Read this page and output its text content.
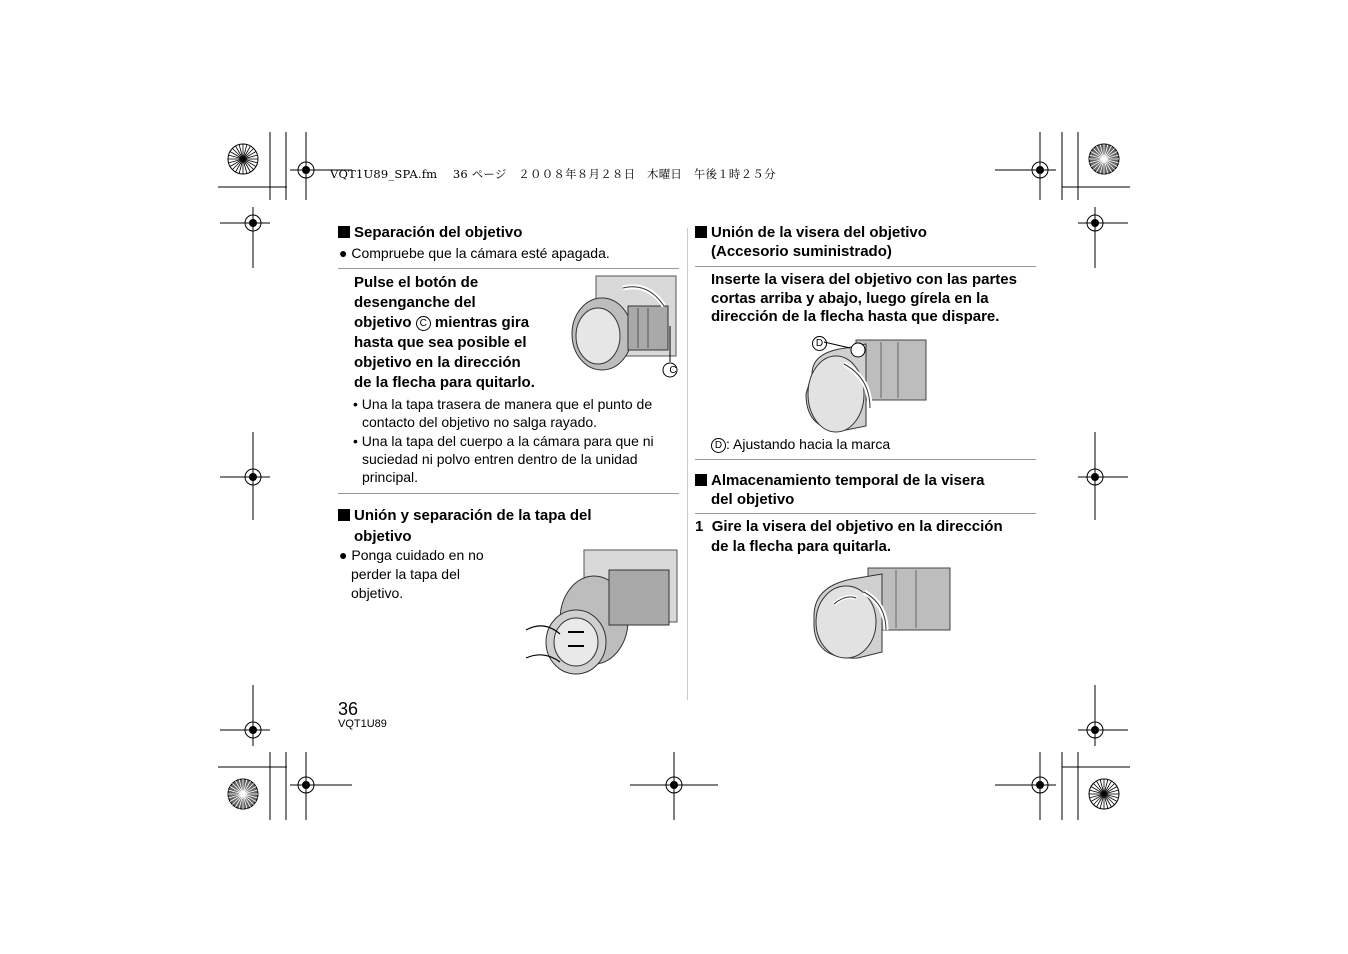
VQT1U89_SPA.fm　 36 ページ　２００８年８月２８日　木曜日　午後１時２５分
Separación del objetivo
● Compruebe que la cámara esté apagada.
Pulse el botón de
desenganche del
objetivo C mientras gira
hasta que sea posible el
objetivo en la dirección
de la flecha para quitarlo.
C
• Una la tapa trasera de manera que el punto de
contacto del objetivo no salga rayado.
• Una la tapa del cuerpo a la cámara para que ni
suciedad ni polvo entren dentro de la unidad
principal.
Unión y separación de la tapa del
objetivo
● Ponga cuidado en no
perder la tapa del
objetivo.
36
VQT1U89
Unión de la visera del objetivo
(Accesorio suministrado)
Inserte la visera del objetivo con las partes
cortas arriba y abajo, luego gírela en la
dirección de la flecha hasta que dispare.
D
D : Ajustando hacia la marca
Almacenamiento temporal de la visera
del objetivo
1 Gire la visera del objetivo en la dirección
de la flecha para quitarla.
